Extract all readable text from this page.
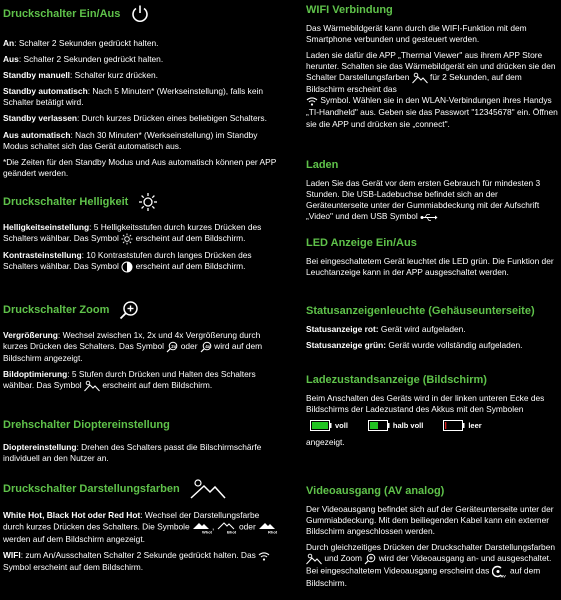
Druckschalter Ein/Aus

An: Schalter 2 Sekunden gedrückt halten.

Aus: Schalter 2 Sekunden gedrückt halten.

Standby manuell: Schalter kurz drücken.

Standby automatisch: Nach 5 Minuten* (Werkseinstellung), falls kein Schalter betätigt wird.

Standby verlassen: Durch kurzes Drücken eines beliebigen Schalters.

Aus automatisch: Nach 30 Minuten* (Werkseinstellung) im Standby Modus schaltet sich das Gerät automatisch aus.

*Die Zeiten für den Standby Modus und Aus automatisch können per APP geändert werden.

Druckschalter Helligkeit

Helligkeitseinstellung: 5 Helligkeitsstufen durch kurzes Drücken des Schalters wählbar. Das Symbol erscheint auf dem Bildschirm.

Kontrasteinstellung: 10 Kontraststufen durch langes Drücken des Schalters wählbar. Das Symbol erscheint auf dem Bildschirm.

Druckschalter Zoom

Vergrößerung: Wechsel zwischen 1x, 2x und 4x Vergrößerung durch kurzes Drücken des Schalters. Das Symbol 2x oder 4x wird auf dem Bildschirm angezeigt.

Bildoptimierung: 5 Stufen durch Drücken und Halten des Schalters wählbar. Das Symbol erscheint auf dem Bildschirm.

Drehschalter Dioptereinstellung

Dioptereinstellung: Drehen des Schalters passt die Bilschirmschärfe individuell an den Nutzer an.

Druckschalter Darstellungsfarben

White Hot, Black Hot oder Red Hot: Wechsel der Darstellungsfarbe durch kurzes Drücken des Schalters. Die Symbole
Whot
,
Bhot
oder
Rhot
werden auf dem Bildschirm angezeigt.

WIFI: zum An/Ausschalten Schalter 2 Sekunde gedrückt halten. Das  Symbol erscheint auf dem Bildschirm.

WIFI Verbindung

Das Wärmebildgerät kann durch die WIFI-Funktion mit dem Smartphone verbunden und gesteuert werden.

Laden sie dafür die APP „Thermal Viewer" aus ihrem APP Store herunter. Schalten sie das Wärmebildgerät ein und drücken sie den Schalter Darstellungsfarben für 2 Sekunden, auf dem Bildschirm erscheint das
Symbol. Wählen sie in den WLAN-Verbindungen ihres Handys „TI-Handheld" aus. Geben sie das Passwort "12345678" ein. Öffnen sie die APP und drücken sie „connect".

Laden

Laden Sie das Gerät vor dem ersten Gebrauch für mindesten 3 Stunden. Die USB-Ladebuchse befindet sich an der Geräteunterseite unter der Gummiabdeckung mit der Aufschrift „Video" und dem USB Symbol

LED Anzeige Ein/Aus

Bei eingeschaltetem Gerät leuchtet die LED grün. Die Funktion der Leuchtanzeige kann in der APP ausgeschaltet werden.

Statusanzeigenleuchte (Gehäuseunterseite)

Statusanzeige rot: Gerät wird aufgeladen.

Statusanzeige grün: Gerät wurde vollständig aufgeladen.

Ladezustandsanzeige (Bildschirm)

Beim Anschalten des Geräts wird in der linken unteren Ecke des Bildschirms der Ladezustand des Akkus mit den Symbolen

voll	halb voll	leer

angezeigt.

Videoausgang (AV analog)

Der Videoausgang befindet sich auf der Geräteunterseite unter der Gummiabdeckung. Mit dem beiliegenden Kabel kann ein externer Bildschirm angeschlossen werden.

Durch gleichzeitiges Drücken der Druckschalter Darstellungsfarben  und Zoom wird der Videoausgang an- und ausgeschaltet. Bei eingeschaltetem Videoausgang erscheint das
AV
auf dem Bildschirm.
